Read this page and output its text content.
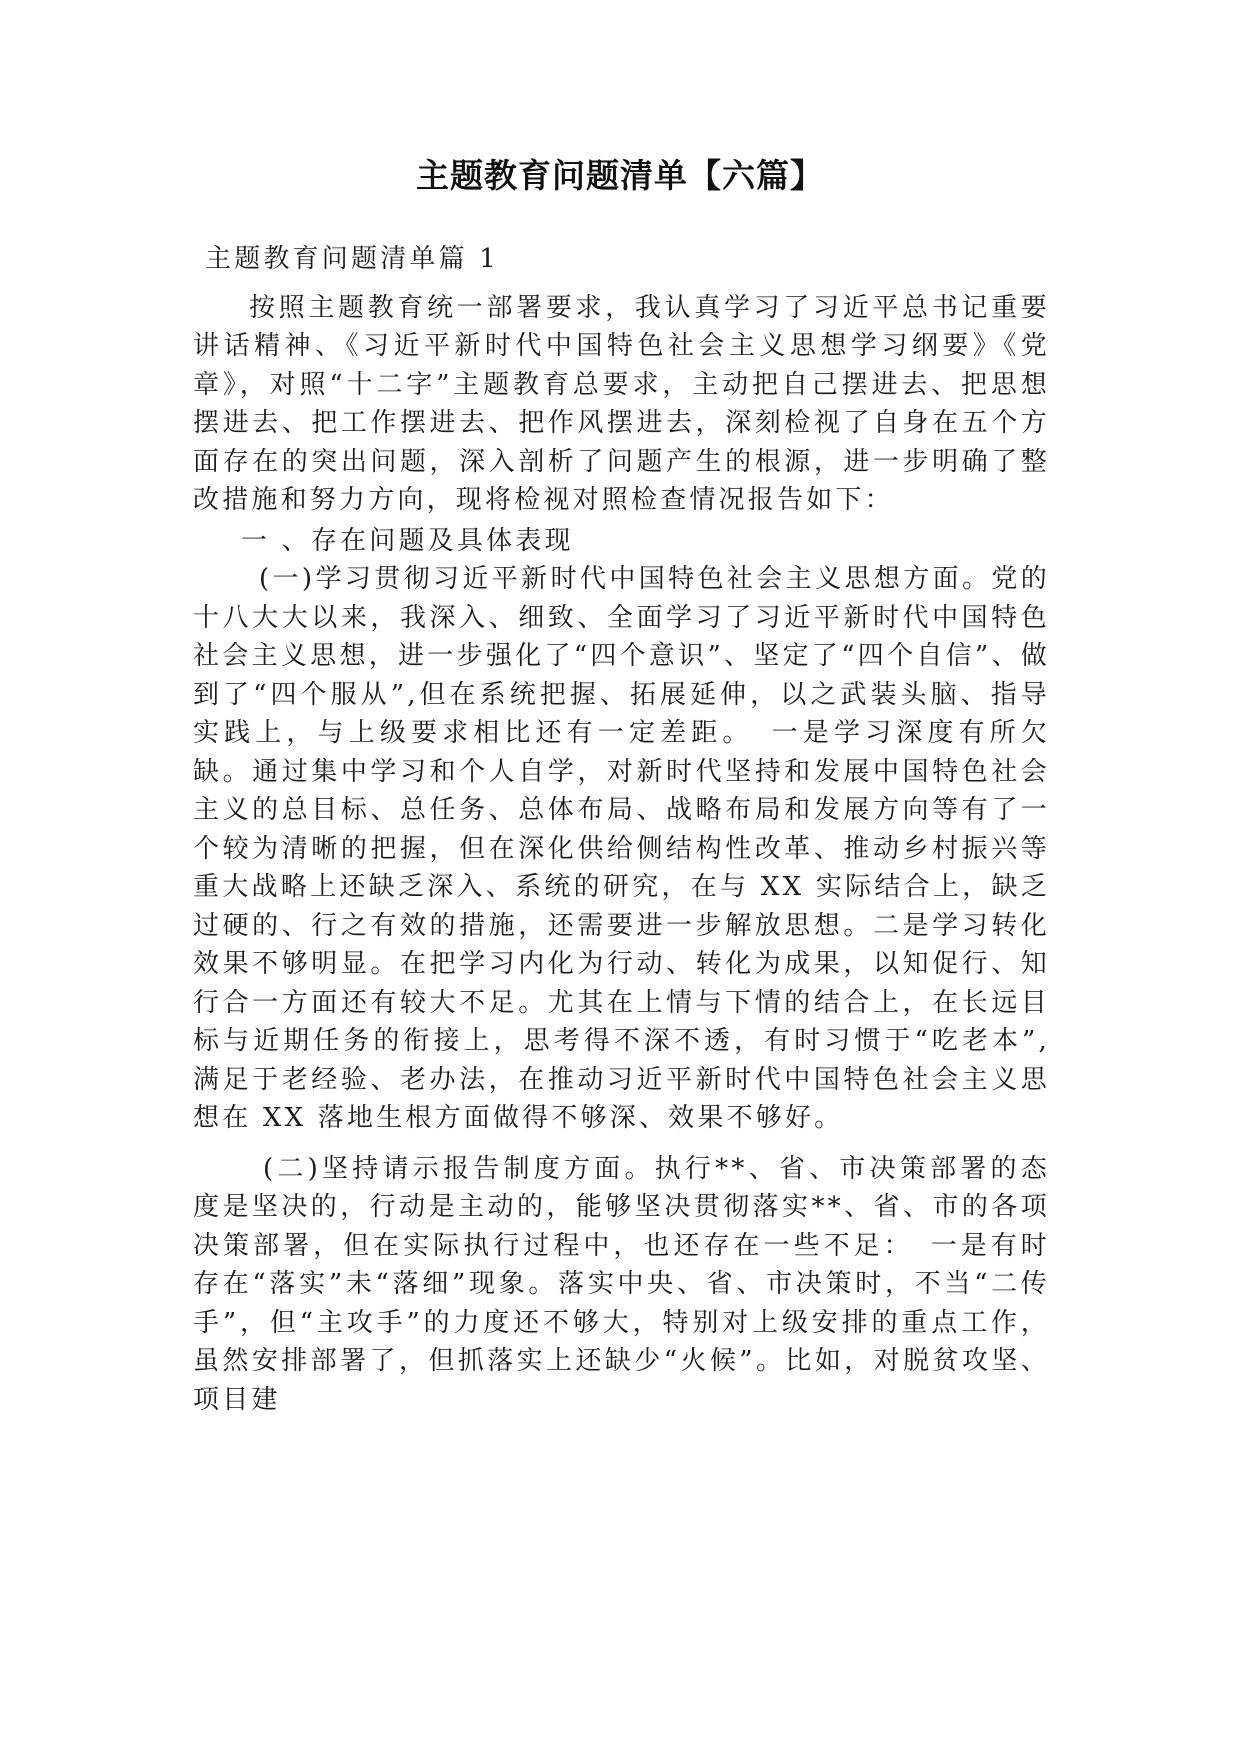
主题教育问题清单【六篇】

主题教育问题清单篇 1

按照主题教育统一部署要求，我认真学习了习近平总书记重要讲话精神、《习近平新时代中国特色社会主义思想学习纲要》《党章》，对照“十二字”主题教育总要求，主动把自己摆进去、把思想摆进去、把工作摆进去、把作风摆进去，深刻检视了自身在五个方面存在的突出问题，深入剖析了问题产生的根源，进一步明确了整改措施和努力方向，现将检视对照检查情况报告如下：

一 、存在问题及具体表现

(一)学习贯彻习近平新时代中国特色社会主义思想方面。党的十八大大以来，我深入、细致、全面学习了习近平新时代中国特色社会主义思想，进一步强化了“四个意识”、坚定了“四个自信”、做到了“四个服从”,但在系统把握、拓展延伸，以之武装头脑、指导实践上，与上级要求相比还有一定差距。　一是学习深度有所欠缺。通过集中学习和个人自学，对新时代坚持和发展中国特色社会主义的总目标、总任务、总体布局、战略布局和发展方向等有了一个较为清晰的把握，但在深化供给侧结构性改革、推动乡村振兴等重大战略上还缺乏深入、系统的研究，在与 XX 实际结合上，缺乏过硬的、行之有效的措施，还需要进一步解放思想。二是学习转化效果不够明显。在把学习内化为行动、转化为成果，以知促行、知行合一方面还有较大不足。尤其在上情与下情的结合上，在长远目标与近期任务的衔接上，思考得不深不透，有时习惯于“吃老本”,满足于老经验、老办法，在推动习近平新时代中国特色社会主义思想在 XX 落地生根方面做得不够深、效果不够好。

(二)坚持请示报告制度方面。执行**、省、市决策部署的态度是坚决的，行动是主动的，能够坚决贯彻落实**、省、市的各项决策部署，但在实际执行过程中，也还存在一些不足：　一是有时存在“落实”未“落细”现象。落实中央、省、市决策时，不当“二传手”，但“主攻手”的力度还不够大，特别对上级安排的重点工作，虽然安排部署了，但抓落实上还缺少“火候”。比如，对脱贫攻坚、项目建
